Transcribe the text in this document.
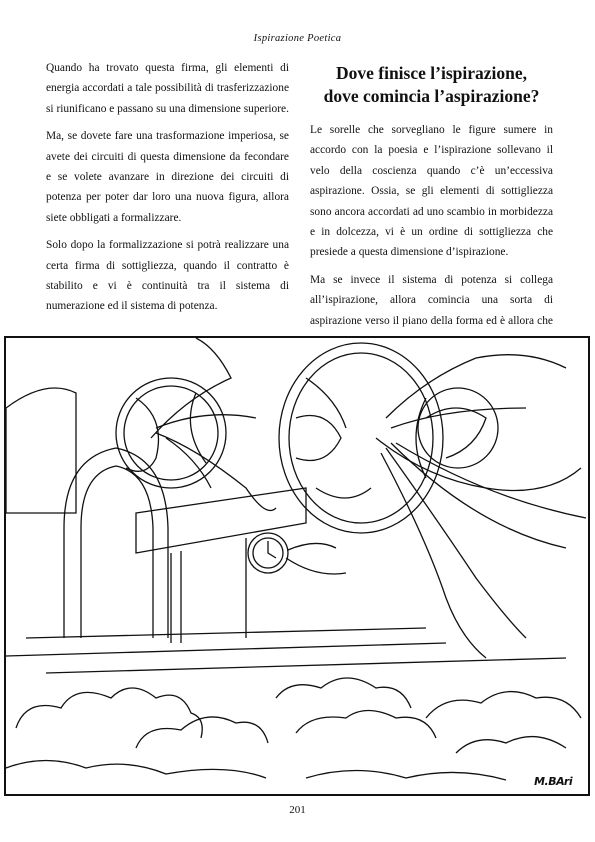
Ispirazione Poetica

Quando ha trovato questa firma, gli elementi di energia accordati a tale possibilità di trasferizzazione si riunificano e passano su una dimensione superiore.

Ma, se dovete fare una trasformazione imperiosa, se avete dei circuiti di questa dimensione da fecondare e se volete avanzare in direzione dei circuiti di potenza per poter dar loro una nuova figura, allora siete obbligati a formalizzare.

Solo dopo la formalizzazione si potrà realizzare una certa firma di sottigliezza, quando il contratto è stabilito e vi è continuità tra il sistema di numerazione ed il sistema di potenza.

Dove finisce l’ispirazione,
dove comincia l’aspirazione?

Le sorelle che sorvegliano le figure sumere in accordo con la poesia e l’ispirazione sollevano il velo della coscienza quando c’è un’eccessiva aspirazione. Ossia, se gli elementi di sottigliezza sono ancora accordati ad uno scambio in morbidezza e in dolcezza, vi è un ordine di sottigliezza che presiede a questa dimensione d’ispirazione.

Ma se invece il sistema di potenza si collega all’ispirazione, allora comincia una sorta di aspirazione verso il piano della forma ed è allora che

M.BAri
201
